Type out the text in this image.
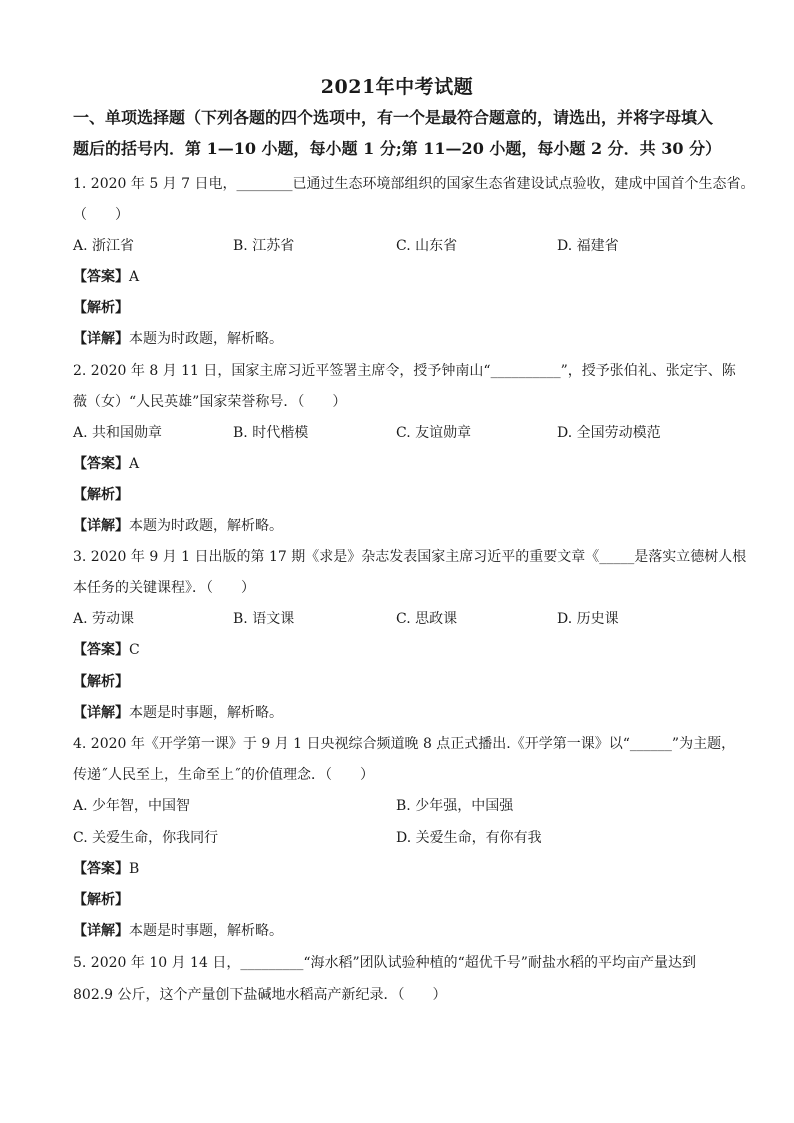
2021年中考试题
一、单项选择题（下列各题的四个选项中，有一个是最符合题意的，请选出，并将字母填入
题后的括号内．第 1—10 小题，每小题 1 分;第 11—20 小题，每小题 2 分．共 30 分）
1. 2020 年 5 月 7 日电，________已通过生态环境部组织的国家生态省建设试点验收，建成中国首个生态省。
（　　）
A. 浙江省	B. 江苏省	C. 山东省	D. 福建省
【答案】A
【解析】
【详解】本题为时政题，解析略。
2. 2020 年 8 月 11 日，国家主席习近平签署主席令，授予钟南山“__________”，授予张伯礼、张定宇、陈
薇（女）“人民英雄”国家荣誉称号．（　　）
A. 共和国勋章	B. 时代楷模	C. 友谊勋章	D. 全国劳动模范
【答案】A
【解析】
【详解】本题为时政题，解析略。
3. 2020 年 9 月 1 日出版的第 17 期《求是》杂志发表国家主席习近平的重要文章《_____是落实立德树人根
本任务的关键课程》．（　　）
A. 劳动课	B. 语文课	C. 思政课	D. 历史课
【答案】C
【解析】
【详解】本题是时事题，解析略。
4. 2020 年《开学第一课》于 9 月 1 日央视综合频道晚 8 点正式播出.《开学第一课》以“______”为主题，
传递˝人民至上，生命至上˝的价值理念．（　　）
A. 少年智，中国智	B. 少年强，中国强
C. 关爱生命，你我同行	D. 关爱生命，有你有我
【答案】B
【解析】
【详解】本题是时事题，解析略。
5. 2020 年 10 月 14 日，_________“海水稻”团队试验种植的“超优千号”耐盐水稻的平均亩产量达到
802.9 公斤，这个产量创下盐碱地水稻高产新纪录．（　　）
